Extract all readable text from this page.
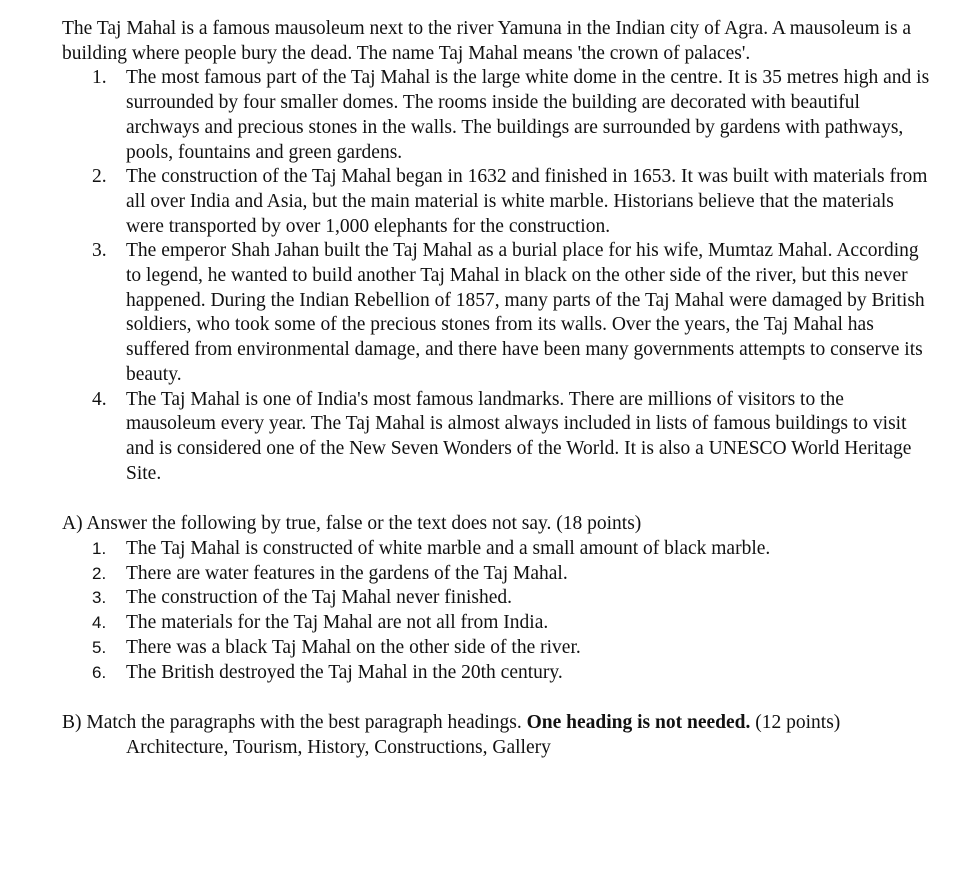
The Taj Mahal is a famous mausoleum next to the river Yamuna in the Indian city of Agra. A mausoleum is a building where people bury the dead. The name Taj Mahal means 'the crown of palaces'.

1. The most famous part of the Taj Mahal is the large white dome in the centre. It is 35 metres high and is surrounded by four smaller domes. The rooms inside the building are decorated with beautiful archways and precious stones in the walls. The buildings are surrounded by gardens with pathways, pools, fountains and green gardens.
2. The construction of the Taj Mahal began in 1632 and finished in 1653. It was built with materials from all over India and Asia, but the main material is white marble. Historians believe that the materials were transported by over 1,000 elephants for the construction.
3. The emperor Shah Jahan built the Taj Mahal as a burial place for his wife, Mumtaz Mahal. According to legend, he wanted to build another Taj Mahal in black on the other side of the river, but this never happened. During the Indian Rebellion of 1857, many parts of the Taj Mahal were damaged by British soldiers, who took some of the precious stones from its walls. Over the years, the Taj Mahal has suffered from environmental damage, and there have been many governments attempts to conserve its beauty.
4. The Taj Mahal is one of India's most famous landmarks. There are millions of visitors to the mausoleum every year. The Taj Mahal is almost always included in lists of famous buildings to visit and is considered one of the New Seven Wonders of the World. It is also a UNESCO World Heritage Site.

A) Answer the following by true, false or the text does not say. (18 points)

1.	The Taj Mahal is constructed of white marble and a small amount of black marble.
2.	There are water features in the gardens of the Taj Mahal.
3.	The construction of the Taj Mahal never finished.
4.	The materials for the Taj Mahal are not all from India.
5.	There was a black Taj Mahal on the other side of the river.
6.	The British destroyed the Taj Mahal in the 20th century.

B) Match the paragraphs with the best paragraph headings. One heading is not needed. (12 points)

Architecture, Tourism, History, Constructions, Gallery
